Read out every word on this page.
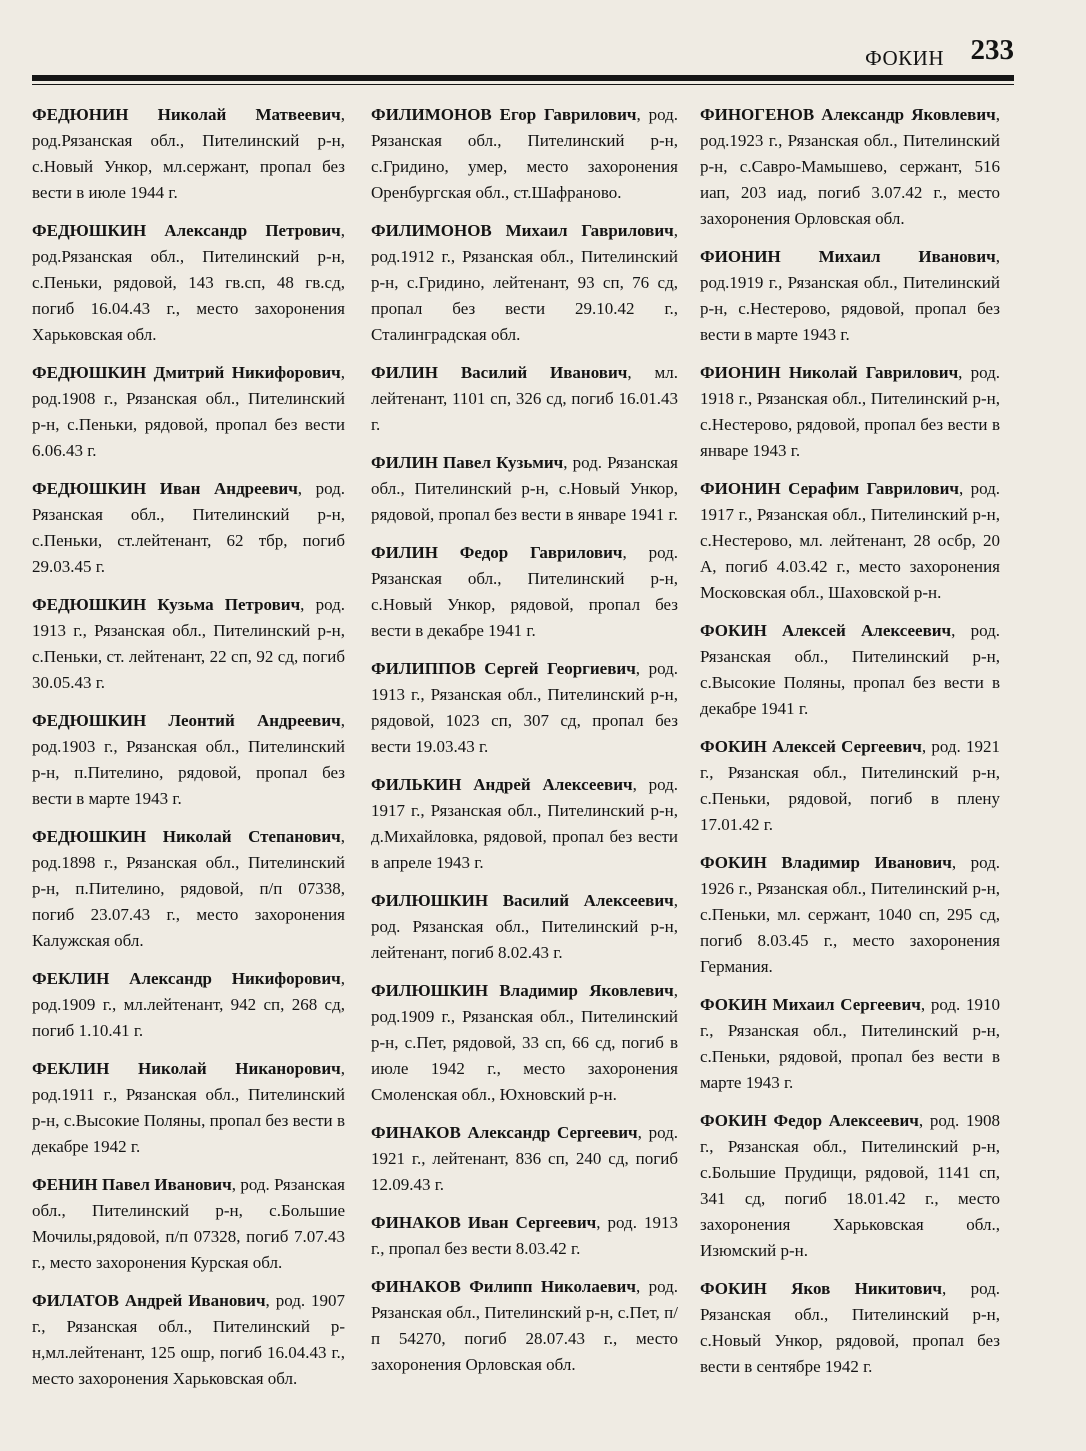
ФОКИН 233

ФЕДЮНИН Николай Матвеевич, род.Рязанская обл., Пителинский р-н, с.Новый Ункор, мл.сержант, пропал без вести в июле 1944 г.

ФЕДЮШКИН Александр Петрович, род.Рязанская обл., Пителинский р-н, с.Пеньки, рядовой, 143 гв.сп, 48 гв.сд, погиб 16.04.43 г., место захоронения Харьковская обл.

ФЕДЮШКИН Дмитрий Никифорович, род.1908 г., Рязанская обл., Пителинский р-н, с.Пеньки, рядовой, пропал без вести 6.06.43 г.

ФЕДЮШКИН Иван Андреевич, род. Рязанская обл., Пителинский р-н, с.Пеньки, ст.лейтенант, 62 тбр, погиб 29.03.45 г.

ФЕДЮШКИН Кузьма Петрович, род. 1913 г., Рязанская обл., Пителинский р-н, с.Пеньки, ст. лейтенант, 22 сп, 92 сд, погиб 30.05.43 г.

ФЕДЮШКИН Леонтий Андреевич, род.1903 г., Рязанская обл., Пителинский р-н, п.Пителино, рядовой, пропал без вести в марте 1943 г.

ФЕДЮШКИН Николай Степанович, род.1898 г., Рязанская обл., Пителинский р-н, п.Пителино, рядовой, п/п 07338, погиб 23.07.43 г., место захоронения Калужская обл.

ФЕКЛИН Александр Никифорович, род.1909 г., мл.лейтенант, 942 сп, 268 сд, погиб 1.10.41 г.

ФЕКЛИН Николай Никанорович, род.1911 г., Рязанская обл., Пителинский р-н, с.Высокие Поляны, пропал без вести в декабре 1942 г.

ФЕНИН Павел Иванович, род. Рязанская обл., Пителинский р-н, с.Большие Мочилы,рядовой, п/п 07328, погиб 7.07.43 г., место захоронения Курская обл.

ФИЛАТОВ Андрей Иванович, род. 1907 г., Рязанская обл., Пителинский р-н,мл.лейтенант, 125 ошр, погиб 16.04.43 г., место захоронения Харьковская обл.

ФИЛИМОНОВ Егор Гаврилович, род. Рязанская обл., Пителинский р-н, с.Гридино, умер, место захоронения Оренбургская обл., ст.Шафраново.

ФИЛИМОНОВ Михаил Гаврилович, род.1912 г., Рязанская обл., Пителинский р-н, с.Гридино, лейтенант, 93 сп, 76 сд, пропал без вести 29.10.42 г., Сталинградская обл.

ФИЛИН Василий Иванович, мл. лейтенант, 1101 сп, 326 сд, погиб 16.01.43 г.

ФИЛИН Павел Кузьмич, род. Рязанская обл., Пителинский р-н, с.Новый Ункор, рядовой, пропал без вести в январе 1941 г.

ФИЛИН Федор Гаврилович, род. Рязанская обл., Пителинский р-н, с.Новый Ункор, рядовой, пропал без вести в декабре 1941 г.

ФИЛИППОВ Сергей Георгиевич, род. 1913 г., Рязанская обл., Пителинский р-н, рядовой, 1023 сп, 307 сд, пропал без вести 19.03.43 г.

ФИЛЬКИН Андрей Алексеевич, род. 1917 г., Рязанская обл., Пителинский р-н, д.Михайловка, рядовой, пропал без вести в апреле 1943 г.

ФИЛЮШКИН Василий Алексеевич, род. Рязанская обл., Пителинский р-н, лейтенант, погиб 8.02.43 г.

ФИЛЮШКИН Владимир Яковлевич, род.1909 г., Рязанская обл., Пителинский р-н, с.Пет, рядовой, 33 сп, 66 сд, погиб в июле 1942 г., место захоронения Смоленская обл., Юхновский р-н.

ФИНАКОВ Александр Сергеевич, род. 1921 г., лейтенант, 836 сп, 240 сд, погиб 12.09.43 г.

ФИНАКОВ Иван Сергеевич, род. 1913 г., пропал без вести 8.03.42 г.

ФИНАКОВ Филипп Николаевич, род. Рязанская обл., Пителинский р-н, с.Пет, п/п 54270, погиб 28.07.43 г., место захоронения Орловская обл.

ФИНОГЕНОВ Александр Яковлевич, род.1923 г., Рязанская обл., Пителинский р-н, с.Савро-Мамышево, сержант, 516 иап, 203 иад, погиб 3.07.42 г., место захоронения Орловская обл.

ФИОНИН Михаил Иванович, род.1919 г., Рязанская обл., Пителинский р-н, с.Нестерово, рядовой, пропал без вести в марте 1943 г.

ФИОНИН Николай Гаврилович, род. 1918 г., Рязанская обл., Пителинский р-н, с.Нестерово, рядовой, пропал без вести в январе 1943 г.

ФИОНИН Серафим Гаврилович, род. 1917 г., Рязанская обл., Пителинский р-н, с.Нестерово, мл. лейтенант, 28 осбр, 20 А, погиб 4.03.42 г., место захоронения Московская обл., Шаховской р-н.

ФОКИН Алексей Алексеевич, род. Рязанская обл., Пителинский р-н, с.Высокие Поляны, пропал без вести в декабре 1941 г.

ФОКИН Алексей Сергеевич, род. 1921 г., Рязанская обл., Пителинский р-н, с.Пеньки, рядовой, погиб в плену 17.01.42 г.

ФОКИН Владимир Иванович, род. 1926 г., Рязанская обл., Пителинский р-н, с.Пеньки, мл. сержант, 1040 сп, 295 сд, погиб 8.03.45 г., место захоронения Германия.

ФОКИН Михаил Сергеевич, род. 1910 г., Рязанская обл., Пителинский р-н, с.Пеньки, рядовой, пропал без вести в марте 1943 г.

ФОКИН Федор Алексеевич, род. 1908 г., Рязанская обл., Пителинский р-н, с.Большие Прудищи, рядовой, 1141 сп, 341 сд, погиб 18.01.42 г., место захоронения Харьковская обл., Изюмский р-н.

ФОКИН Яков Никитович, род. Рязанская обл., Пителинский р-н, с.Новый Ункор, рядовой, пропал без вести в сентябре 1942 г.
